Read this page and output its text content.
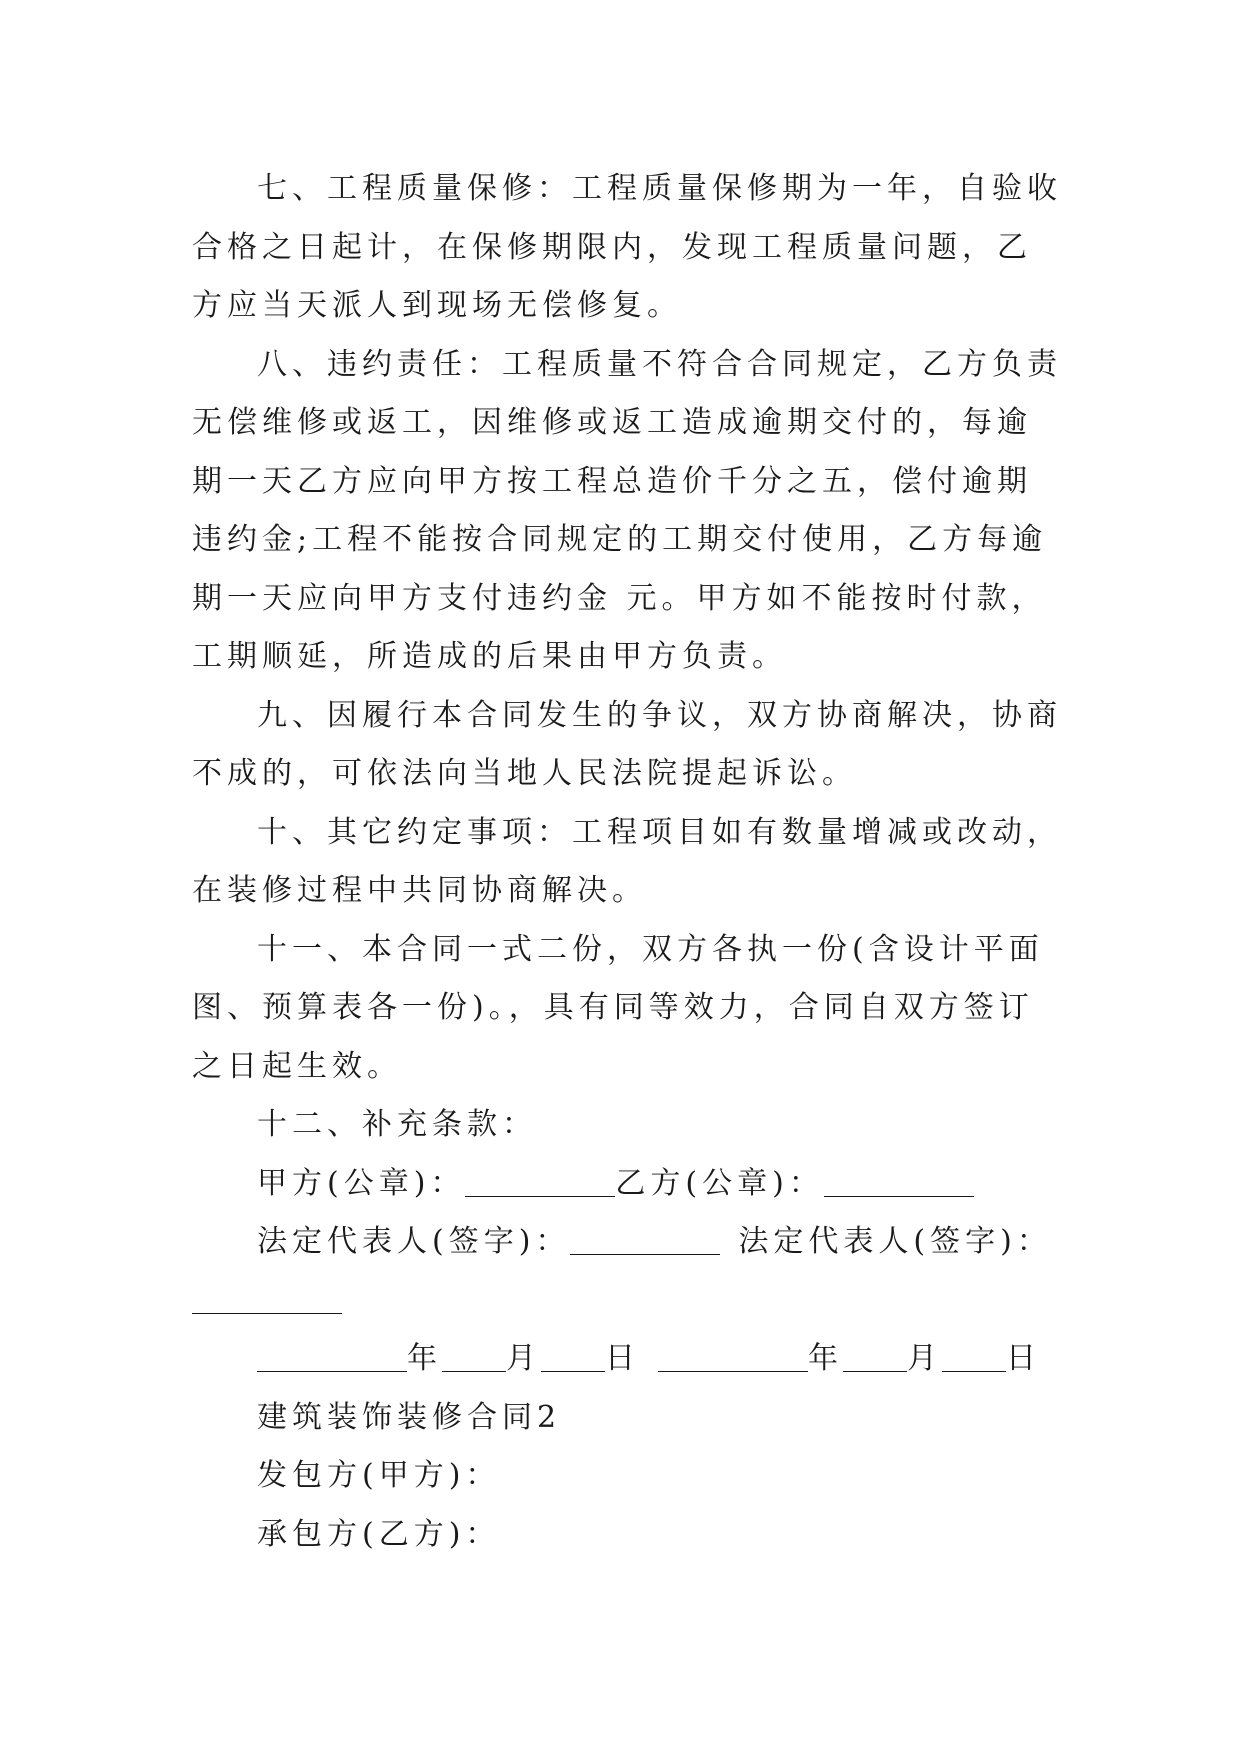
七、工程质量保修：工程质量保修期为一年，自验收合格之日起计，在保修期限内，发现工程质量问题，乙方应当天派人到现场无偿修复。

八、违约责任：工程质量不符合合同规定，乙方负责无偿维修或返工，因维修或返工造成逾期交付的，每逾期一天乙方应向甲方按工程总造价千分之五，偿付逾期违约金;工程不能按合同规定的工期交付使用，乙方每逾期一天应向甲方支付违约金 元。甲方如不能按时付款，工期顺延，所造成的后果由甲方负责。

九、因履行本合同发生的争议，双方协商解决，协商不成的，可依法向当地人民法院提起诉讼。

十、其它约定事项：工程项目如有数量增减或改动，在装修过程中共同协商解决。

十一、本合同一式二份，双方各执一份(含设计平面图、预算表各一份)。，具有同等效力，合同自双方签订之日起生效。

十二、补充条款：

甲方(公章)：	乙方(公章)：

法定代表人(签字)：	法定代表人(签字)：

年 月 日	年 月 日

建筑装饰装修合同2

发包方(甲方)：

承包方(乙方)：
